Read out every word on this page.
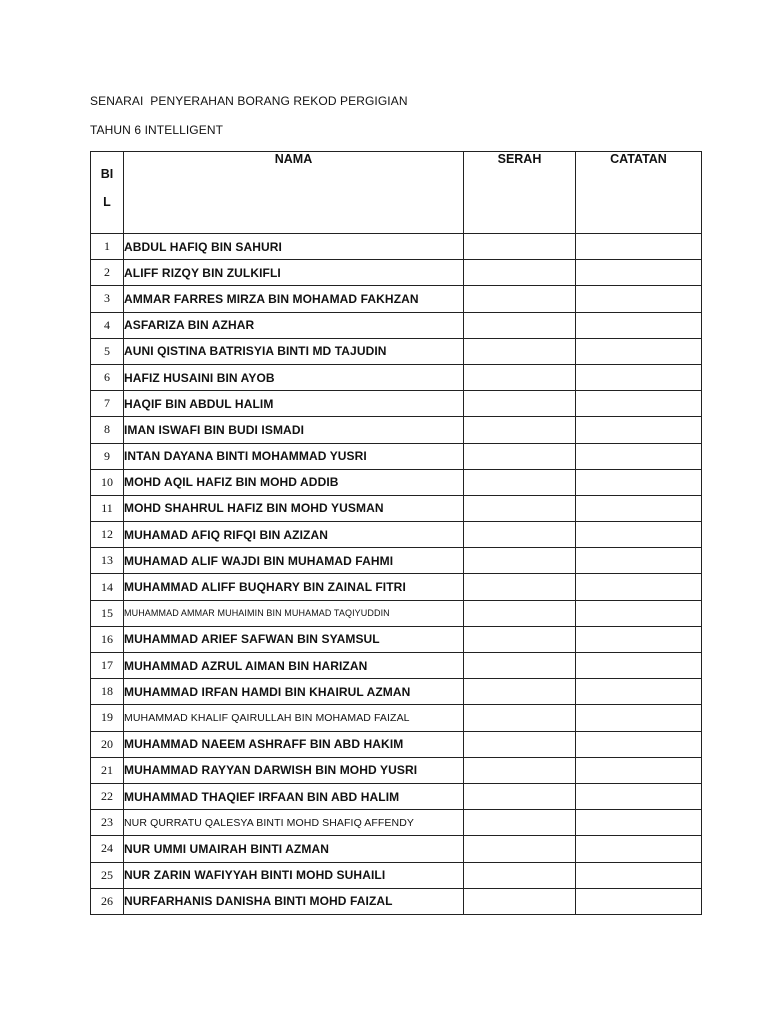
SENARAI  PENYERAHAN BORANG REKOD PERGIGIAN
TAHUN 6 INTELLIGENT
BI
L	NAMA	SERAH	CATATAN
1	ABDUL HAFIQ BIN SAHURI		
2	ALIFF RIZQY BIN ZULKIFLI		
3	AMMAR FARRES MIRZA BIN MOHAMAD FAKHZAN		
4	ASFARIZA BIN AZHAR		
5	AUNI QISTINA BATRISYIA BINTI MD TAJUDIN		
6	HAFIZ HUSAINI BIN AYOB		
7	HAQIF BIN ABDUL HALIM		
8	IMAN ISWAFI BIN BUDI ISMADI		
9	INTAN DAYANA BINTI MOHAMMAD YUSRI		
10	MOHD AQIL HAFIZ BIN MOHD ADDIB		
11	MOHD SHAHRUL HAFIZ BIN MOHD YUSMAN		
12	MUHAMAD AFIQ RIFQI BIN AZIZAN		
13	MUHAMAD ALIF WAJDI BIN MUHAMAD FAHMI		
14	MUHAMMAD ALIFF BUQHARY BIN ZAINAL FITRI		
15	MUHAMMAD AMMAR MUHAIMIN BIN MUHAMAD TAQIYUDDIN		
16	MUHAMMAD ARIEF SAFWAN BIN SYAMSUL		
17	MUHAMMAD AZRUL AIMAN BIN HARIZAN		
18	MUHAMMAD IRFAN HAMDI BIN KHAIRUL AZMAN		
19	MUHAMMAD KHALIF QAIRULLAH BIN MOHAMAD FAIZAL		
20	MUHAMMAD NAEEM ASHRAFF BIN ABD HAKIM		
21	MUHAMMAD RAYYAN DARWISH BIN MOHD YUSRI		
22	MUHAMMAD THAQIEF IRFAAN BIN ABD HALIM		
23	NUR QURRATU QALESYA BINTI MOHD SHAFIQ AFFENDY		
24	NUR UMMI UMAIRAH BINTI AZMAN		
25	NUR ZARIN WAFIYYAH BINTI MOHD SUHAILI		
26	NURFARHANIS DANISHA BINTI MOHD FAIZAL		
